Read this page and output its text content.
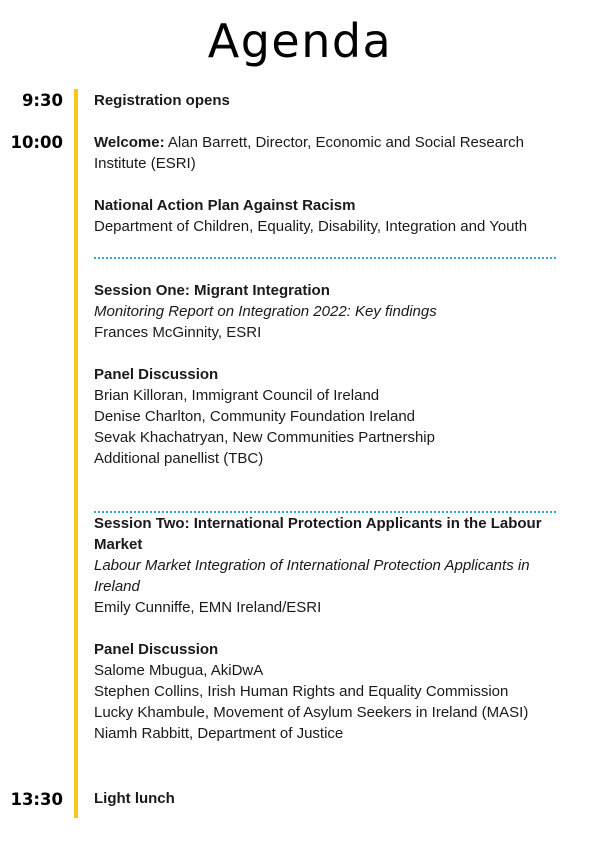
Agenda
9:30
10:00
13:30
Registration opens
Welcome: Alan Barrett, Director, Economic and Social Research
Institute (ESRI)
National Action Plan Against Racism
Department of Children, Equality, Disability, Integration and Youth
Session One: Migrant Integration
Monitoring Report on Integration 2022: Key findings
Frances McGinnity, ESRI
Panel Discussion
Brian Killoran, Immigrant Council of Ireland
Denise Charlton, Community Foundation Ireland
Sevak Khachatryan, New Communities Partnership
Additional panellist (TBC)
Session Two: International Protection Applicants in the Labour
Market
Labour Market Integration of International Protection Applicants in
Ireland
Emily Cunniffe, EMN Ireland/ESRI
Panel Discussion
Salome Mbugua, AkiDwA
Stephen Collins, Irish Human Rights and Equality Commission
Lucky Khambule, Movement of Asylum Seekers in Ireland (MASI)
Niamh Rabbitt, Department of Justice
Light lunch
